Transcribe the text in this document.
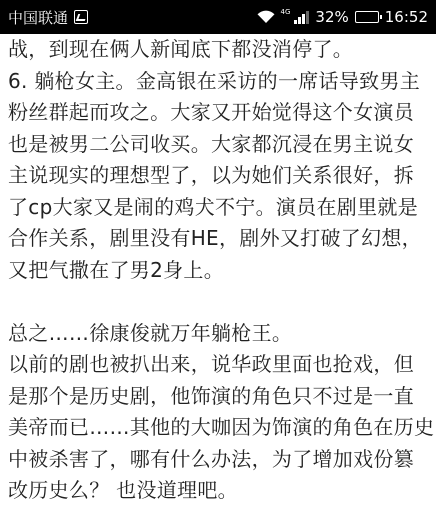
中国联通	4G 32% 16:52
战，到现在俩人新闻底下都没消停了。
6. 躺枪女主。金高银在采访的一席话导致男主
粉丝群起而攻之。大家又开始觉得这个女演员
也是被男二公司收买。大家都沉浸在男主说女
主说现实的理想型了，以为她们关系很好，拆
了cp大家又是闹的鸡犬不宁。演员在剧里就是
合作关系，剧里没有HE，剧外又打破了幻想，
又把气撒在了男2身上。
总之……徐康俊就万年躺枪王。
以前的剧也被扒出来，说华政里面也抢戏，但
是那个是历史剧，他饰演的角色只不过是一直
美帝而已……其他的大咖因为饰演的角色在历史
中被杀害了，哪有什么办法，为了增加戏份篡
改历史么？ 也没道理吧。
